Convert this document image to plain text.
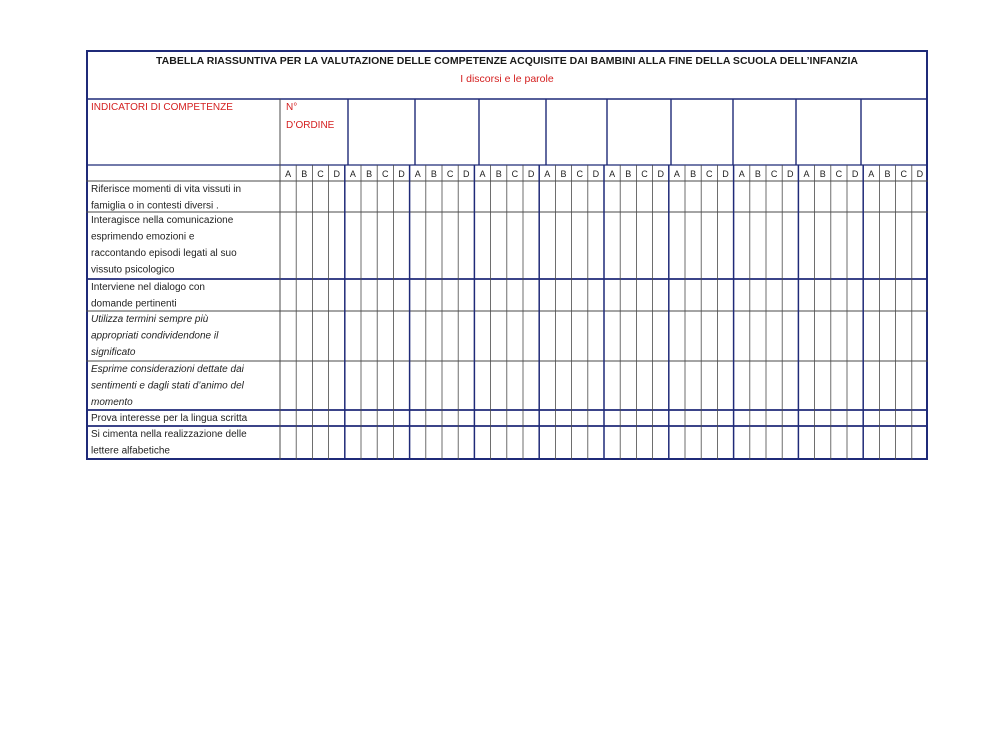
TABELLA RIASSUNTIVA PER LA VALUTAZIONE DELLE COMPETENZE ACQUISITE DAI BAMBINI ALLA FINE DELLA SCUOLA DELL’INFANZIA
I discorsi e le parole
INDICATORI DI COMPETENZE	N°
D’ORDINE
A B C D A B C D A B C D A B C D A B C D A B C D A B C D A B C D A B C D A B C D
Riferisce momenti di vita vissuti in
famiglia o in contesti diversi .
Interagisce nella comunicazione
esprimendo emozioni e
raccontando episodi legati al suo
vissuto psicologico
Interviene nel dialogo con
domande pertinenti
Utilizza termini sempre più
appropriati condividendone il
significato
Esprime considerazioni dettate dai
sentimenti e dagli stati d’animo del
momento
Prova interesse per la lingua scritta
Si cimenta nella realizzazione delle
lettere alfabetiche
